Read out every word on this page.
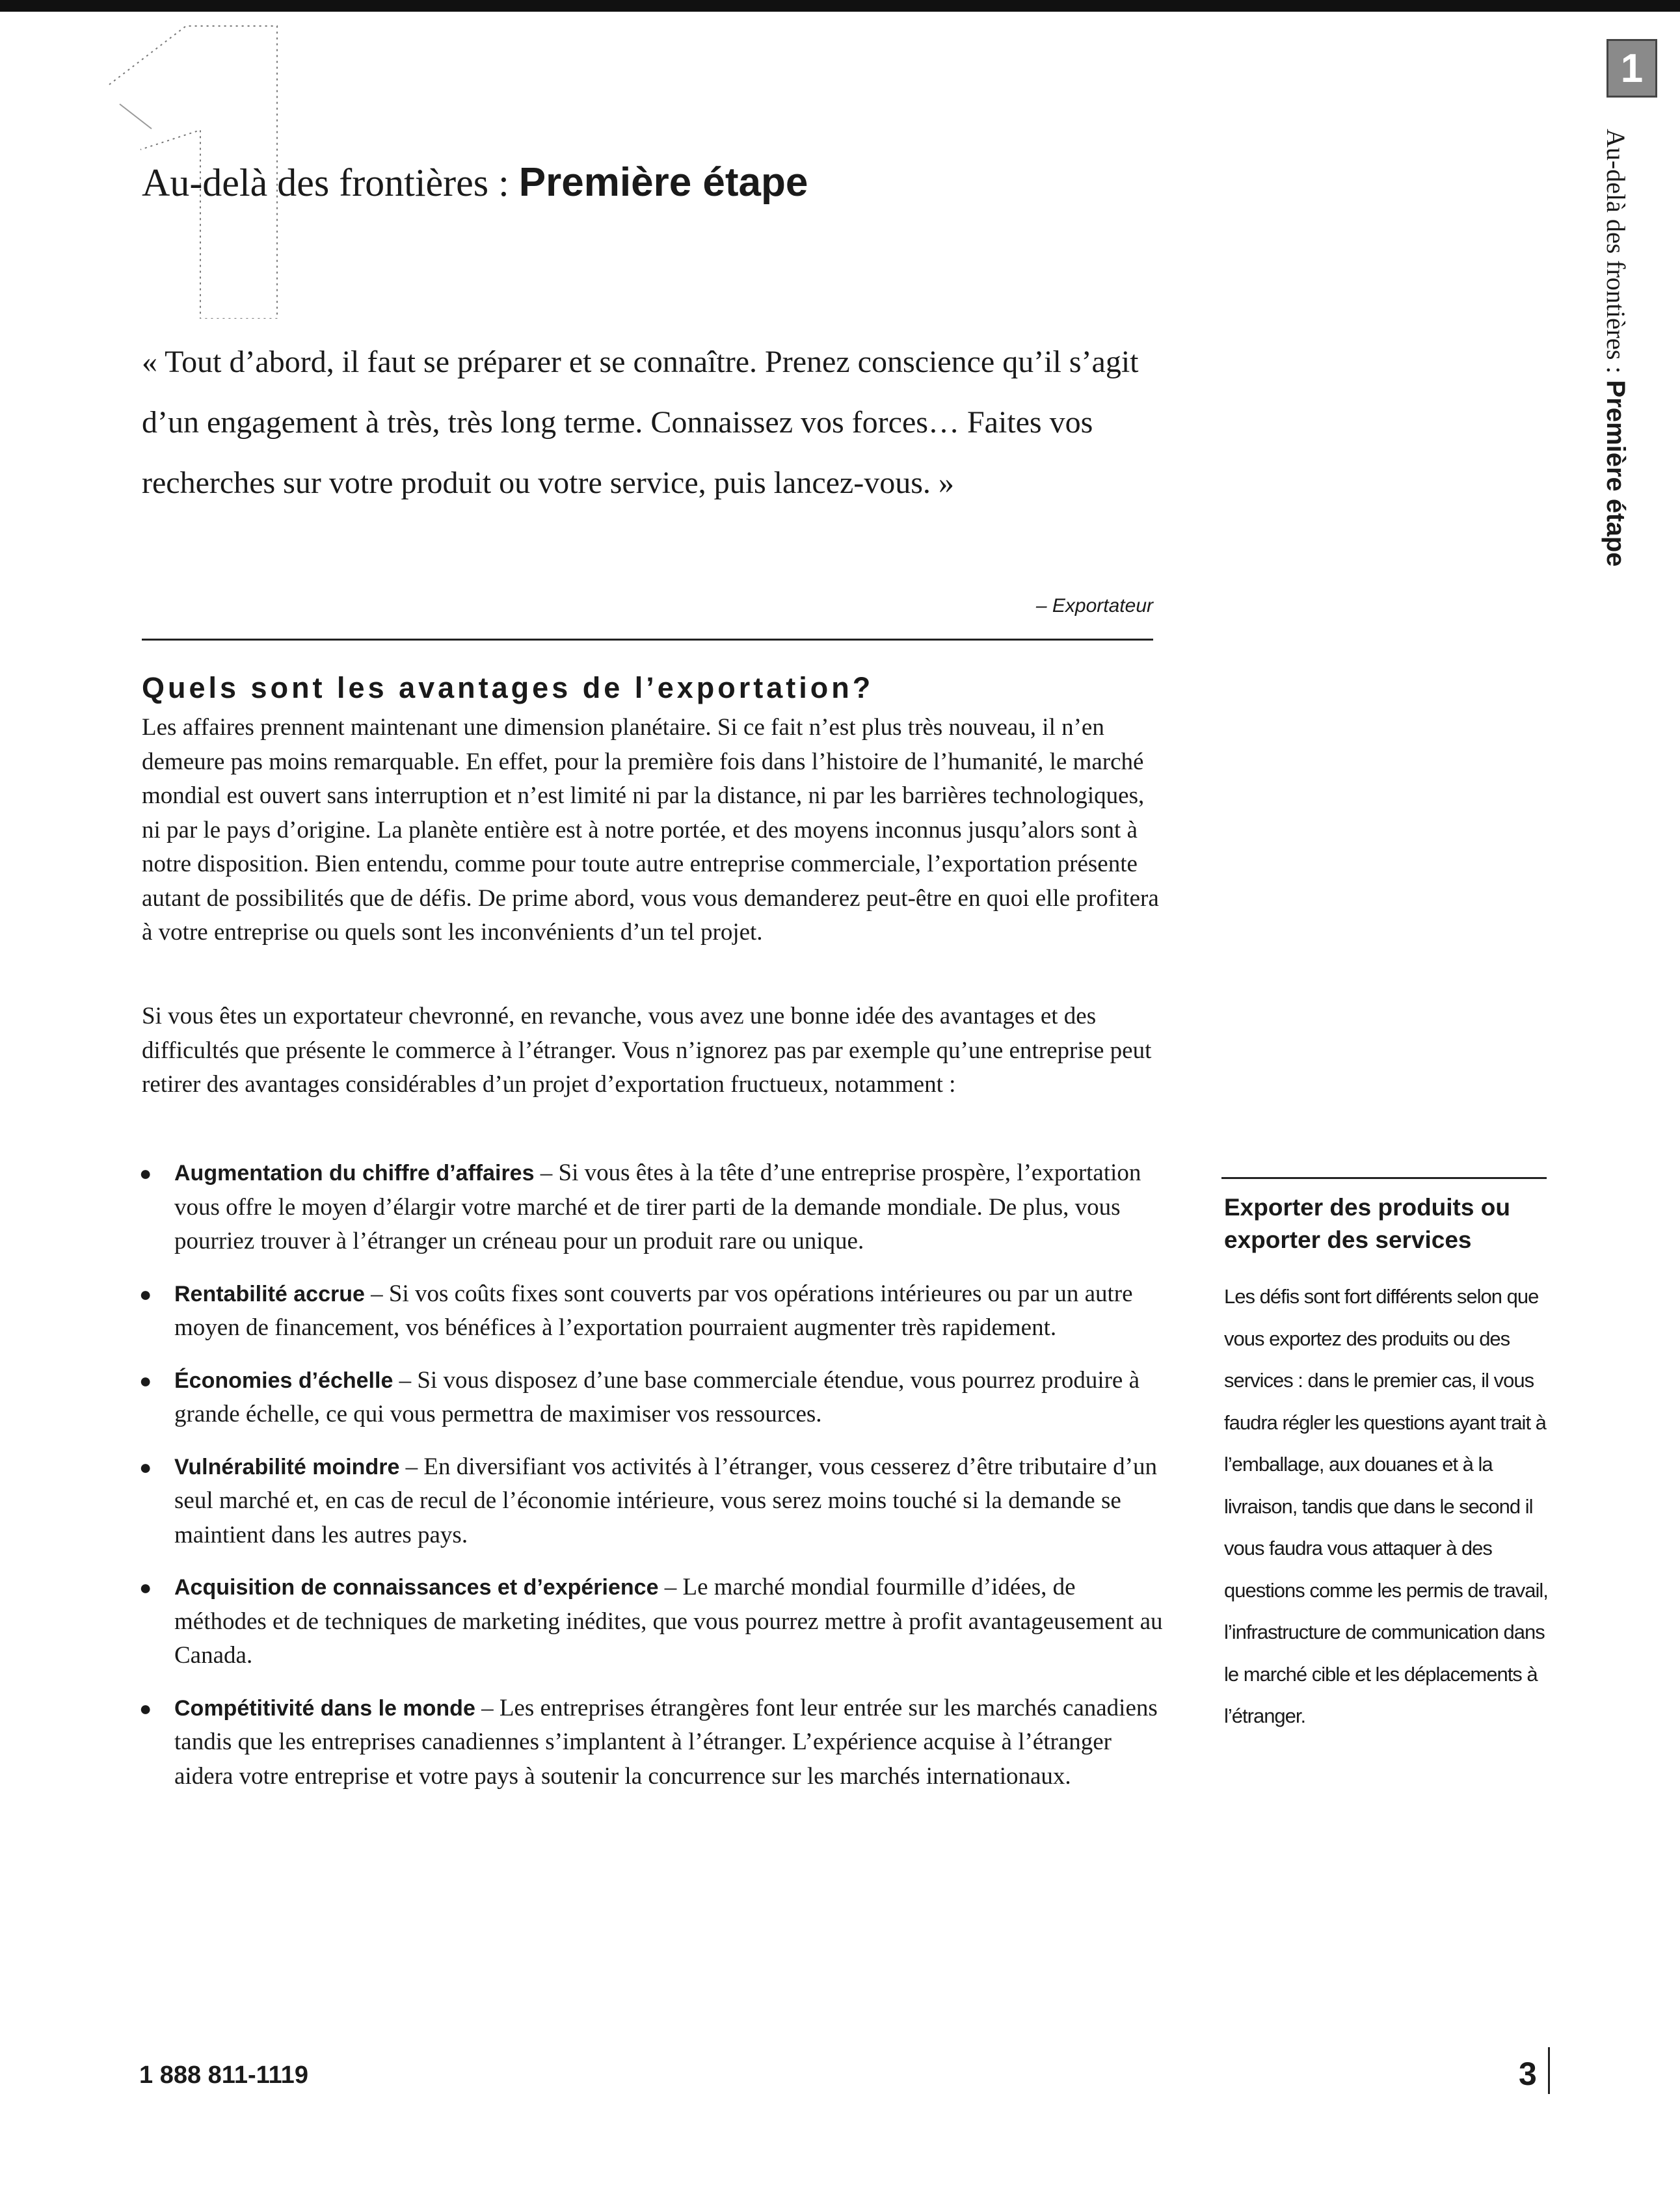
Au-delà des frontières : Première étape
« Tout d’abord, il faut se préparer et se connaître. Prenez conscience qu’il s’agit d’un engagement à très, très long terme. Connaissez vos forces… Faites vos recherches sur votre produit ou votre service, puis lancez-vous. »
– Exportateur
Quels sont les avantages de l’exportation?
Les affaires prennent maintenant une dimension planétaire. Si ce fait n’est plus très nouveau, il n’en demeure pas moins remarquable. En effet, pour la première fois dans l’histoire de l’humanité, le marché mondial est ouvert sans interruption et n’est limité ni par la distance, ni par les barrières technologiques, ni par le pays d’origine. La planète entière est à notre portée, et des moyens inconnus jusqu’alors sont à notre disposition. Bien entendu, comme pour toute autre entreprise commerciale, l’exportation présente autant de possibilités que de défis. De prime abord, vous vous demanderez peut-être en quoi elle profitera à votre entreprise ou quels sont les inconvénients d’un tel projet.
Si vous êtes un exportateur chevronné, en revanche, vous avez une bonne idée des avantages et des difficultés que présente le commerce à l’étranger. Vous n’ignorez pas par exemple qu’une entreprise peut retirer des avantages considérables d’un projet d’exportation fructueux, notamment :
● Augmentation du chiffre d’affaires – Si vous êtes à la tête d’une entreprise prospère, l’exportation vous offre le moyen d’élargir votre marché et de tirer parti de la demande mondiale. De plus, vous pourriez trouver à l’étranger un créneau pour un produit rare ou unique.
● Rentabilité accrue – Si vos coûts fixes sont couverts par vos opérations intérieures ou par un autre moyen de financement, vos bénéfices à l’exportation pourraient augmenter très rapidement.
● Économies d’échelle – Si vous disposez d’une base commerciale étendue, vous pourrez produire à grande échelle, ce qui vous permettra de maximiser vos ressources.
● Vulnérabilité moindre – En diversifiant vos activités à l’étranger, vous cesserez d’être tributaire d’un seul marché et, en cas de recul de l’économie intérieure, vous serez moins touché si la demande se maintient dans les autres pays.
● Acquisition de connaissances et d’expérience – Le marché mondial fourmille d’idées, de méthodes et de techniques de marketing inédites, que vous pourrez mettre à profit avantageusement au Canada.
● Compétitivité dans le monde – Les entreprises étrangères font leur entrée sur les marchés canadiens tandis que les entreprises canadiennes s’implantent à l’étranger. L’expérience acquise à l’étranger aidera votre entreprise et votre pays à soutenir la concurrence sur les marchés internationaux.
Exporter des produits ou exporter des services
Les défis sont fort différents selon que vous exportez des produits ou des services : dans le premier cas, il vous faudra régler les questions ayant trait à l’emballage, aux douanes et à la livraison, tandis que dans le second il vous faudra vous attaquer à des questions comme les permis de travail, l’infrastructure de communication dans le marché cible et les déplacements à l’étranger.
1
Au-delà des frontières : Première étape
1 888 811-1119	3
